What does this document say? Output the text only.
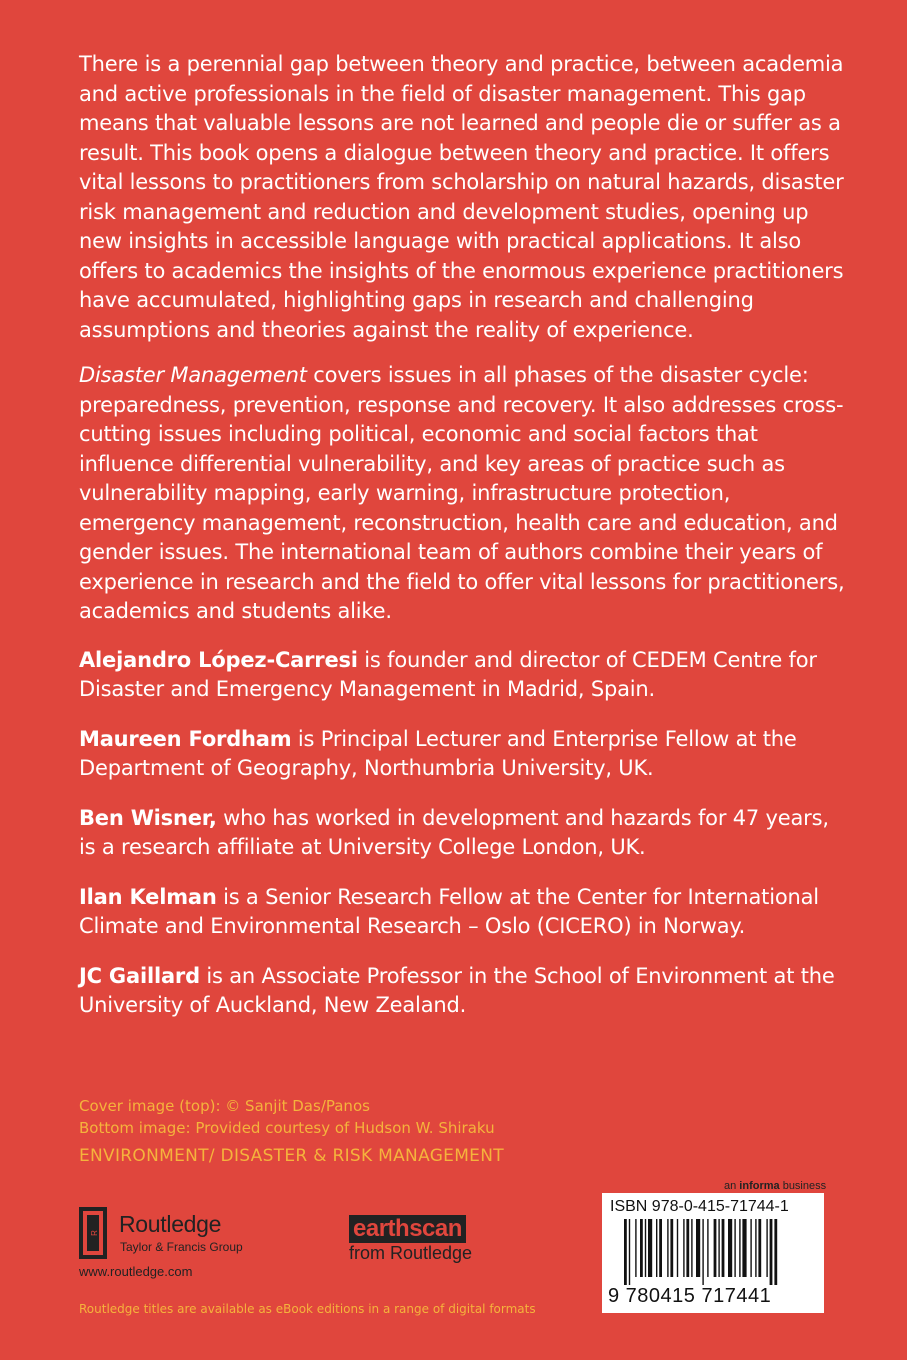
There is a perennial gap between theory and practice, between academia and active professionals in the field of disaster management. This gap means that valuable lessons are not learned and people die or suffer as a result. This book opens a dialogue between theory and practice. It offers vital lessons to practitioners from scholarship on natural hazards, disaster risk management and reduction and development studies, opening up new insights in accessible language with practical applications. It also offers to academics the insights of the enormous experience practitioners have accumulated, highlighting gaps in research and challenging assumptions and theories against the reality of experience.

Disaster Management covers issues in all phases of the disaster cycle: preparedness, prevention, response and recovery. It also addresses cross-cutting issues including political, economic and social factors that influence differential vulnerability, and key areas of practice such as vulnerability mapping, early warning, infrastructure protection, emergency management, reconstruction, health care and education, and gender issues. The international team of authors combine their years of experience in research and the field to offer vital lessons for practitioners, academics and students alike.

Alejandro López-Carresi is founder and director of CEDEM Centre for Disaster and Emergency Management in Madrid, Spain.

Maureen Fordham is Principal Lecturer and Enterprise Fellow at the Department of Geography, Northumbria University, UK.

Ben Wisner, who has worked in development and hazards for 47 years, is a research affiliate at University College London, UK.

Ilan Kelman is a Senior Research Fellow at the Center for International Climate and Environmental Research – Oslo (CICERO) in Norway.

JC Gaillard is an Associate Professor in the School of Environment at the University of Auckland, New Zealand.

Cover image (top): © Sanjit Das/Panos
Bottom image: Provided courtesy of Hudson W. Shiraku
ENVIRONMENT/ DISASTER & RISK MANAGEMENT
R Routledge
Taylor & Francis Group
www.routledge.com
earthscan
from Routledge
an informa business
ISBN 978-0-415-71744-1
9 780415 717441
Routledge titles are available as eBook editions in a range of digital formats
